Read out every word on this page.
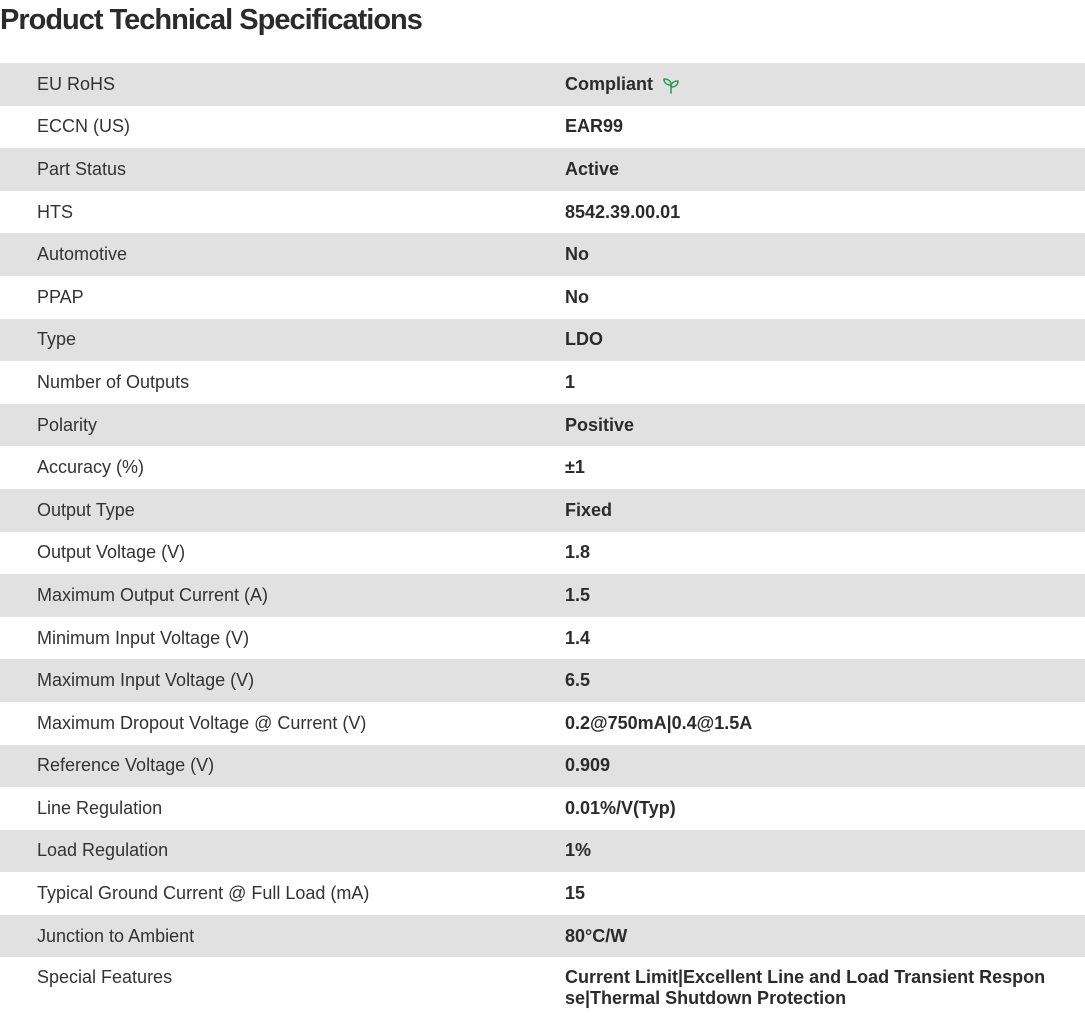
Product Technical Specifications
EU RoHS	Compliant
ECCN (US)	EAR99
Part Status	Active
HTS	8542.39.00.01
Automotive	No
PPAP	No
Type	LDO
Number of Outputs	1
Polarity	Positive
Accuracy (%)	±1
Output Type	Fixed
Output Voltage (V)	1.8
Maximum Output Current (A)	1.5
Minimum Input Voltage (V)	1.4
Maximum Input Voltage (V)	6.5
Maximum Dropout Voltage @ Current (V)	0.2@750mA|0.4@1.5A
Reference Voltage (V)	0.909
Line Regulation	0.01%/V(Typ)
Load Regulation	1%
Typical Ground Current @ Full Load (mA)	15
Junction to Ambient	80°C/W
Special Features	Current Limit|Excellent Line and Load Transient Response|Thermal Shutdown Protection
